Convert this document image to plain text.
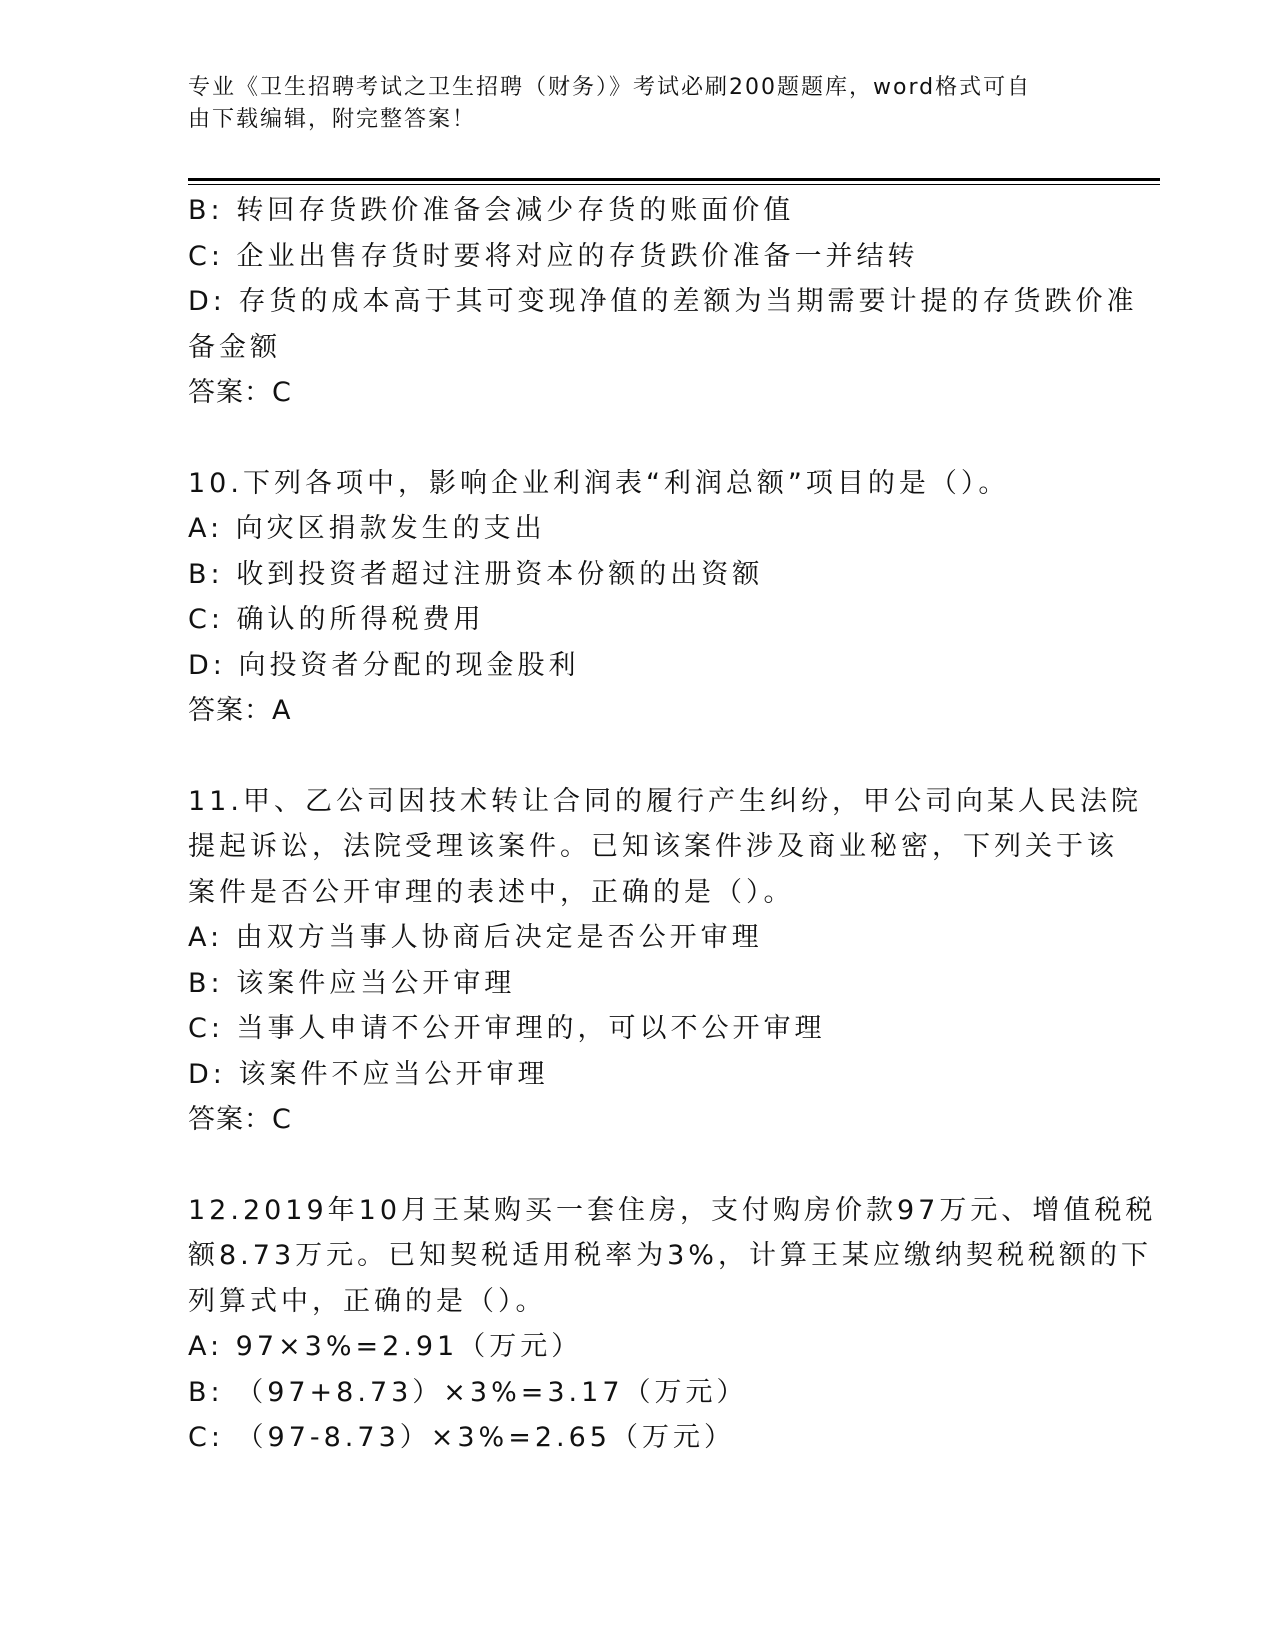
专业《卫生招聘考试之卫生招聘（财务）》考试必刷200题题库，word格式可自
由下载编辑，附完整答案！
B: 转回存货跌价准备会减少存货的账面价值
C: 企业出售存货时要将对应的存货跌价准备一并结转
D: 存货的成本高于其可变现净值的差额为当期需要计提的存货跌价准
备金额
答案：C
10.下列各项中，影响企业利润表“利润总额”项目的是（）。
A: 向灾区捐款发生的支出
B: 收到投资者超过注册资本份额的出资额
C: 确认的所得税费用
D: 向投资者分配的现金股利
答案：A
11.甲、乙公司因技术转让合同的履行产生纠纷，甲公司向某人民法院
提起诉讼，法院受理该案件。已知该案件涉及商业秘密，下列关于该
案件是否公开审理的表述中，正确的是（）。
A: 由双方当事人协商后决定是否公开审理
B: 该案件应当公开审理
C: 当事人申请不公开审理的，可以不公开审理
D: 该案件不应当公开审理
答案：C
12.2019年10月王某购买一套住房，支付购房价款97万元、增值税税
额8.73万元。已知契税适用税率为3%，计算王某应缴纳契税税额的下
列算式中，正确的是（）。
A: 97×3%=2.91（万元）
B: （97+8.73）×3%=3.17（万元）
C: （97-8.73）×3%=2.65（万元）
